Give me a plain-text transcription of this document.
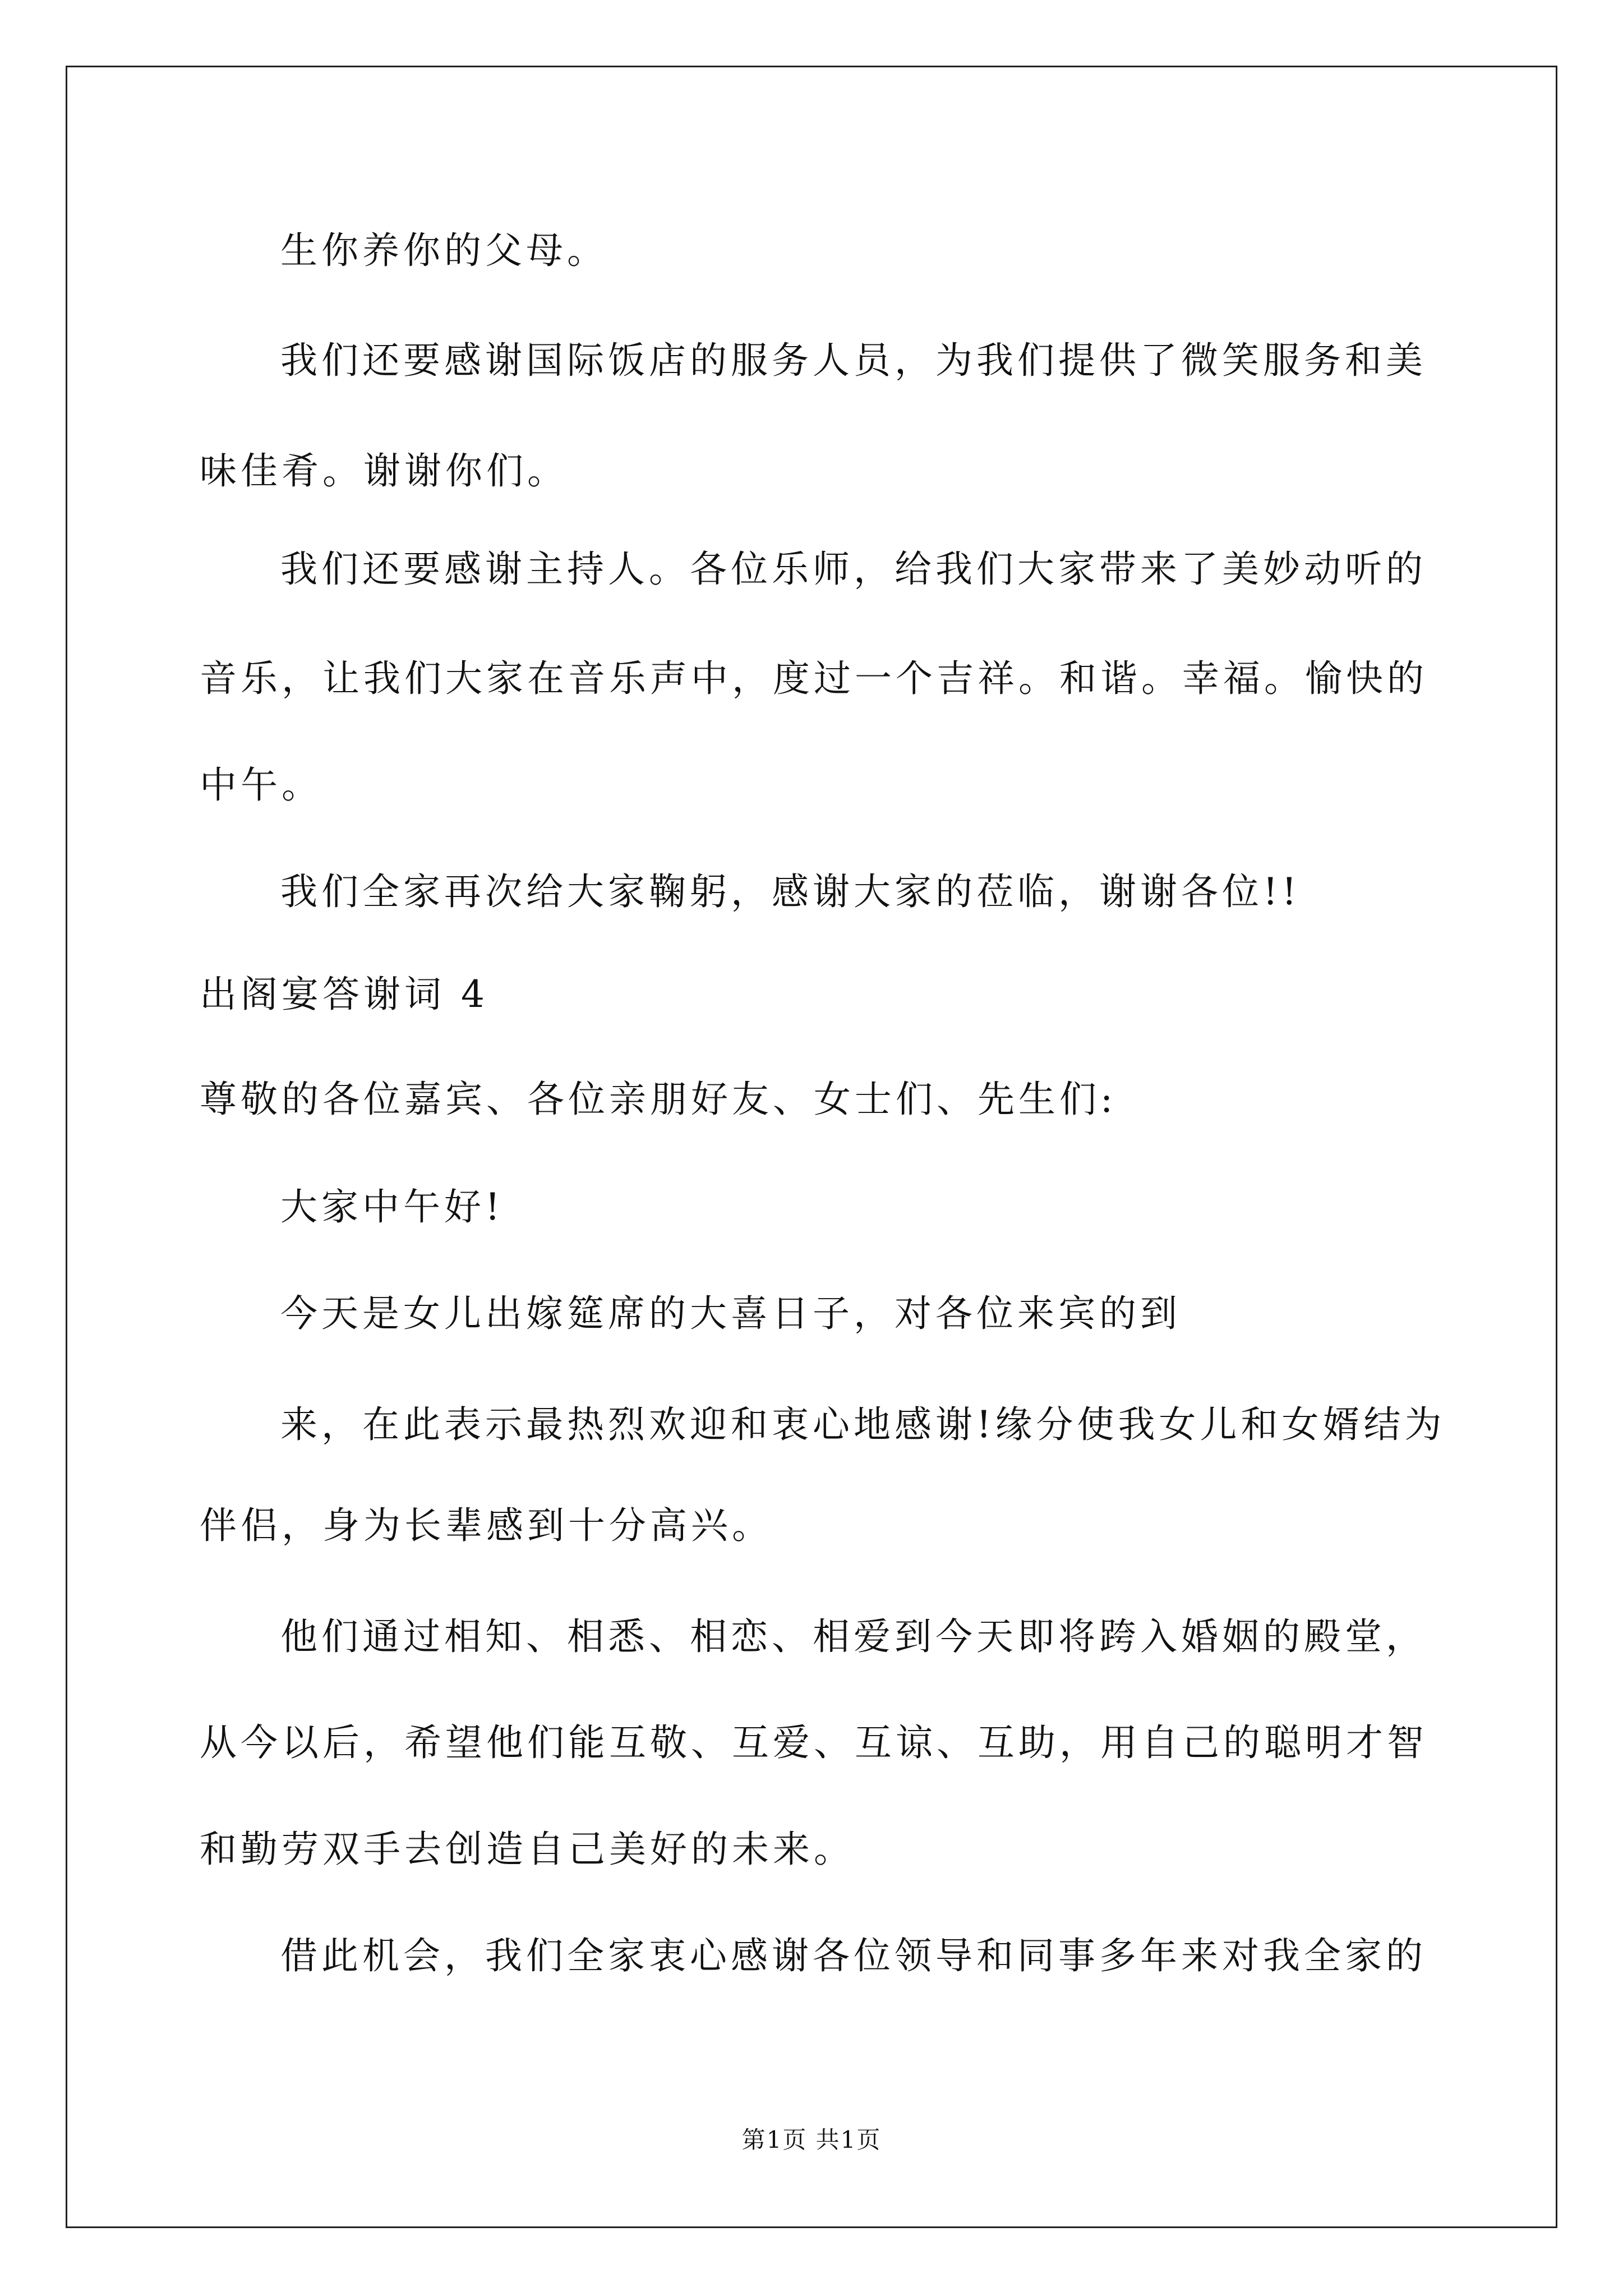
生你养你的父母。
我们还要感谢国际饭店的服务人员，为我们提供了微笑服务和美
味佳肴。谢谢你们。
我们还要感谢主持人。各位乐师，给我们大家带来了美妙动听的
音乐，让我们大家在音乐声中，度过一个吉祥。和谐。幸福。愉快的
中午。
我们全家再次给大家鞠躬，感谢大家的莅临，谢谢各位!!
出阁宴答谢词 4
尊敬的各位嘉宾、各位亲朋好友、女士们、先生们:
大家中午好!
今天是女儿出嫁筵席的大喜日子，对各位来宾的到
来，在此表示最热烈欢迎和衷心地感谢!缘分使我女儿和女婿结为
伴侣，身为长辈感到十分高兴。
他们通过相知、相悉、相恋、相爱到今天即将跨入婚姻的殿堂，
从今以后，希望他们能互敬、互爱、互谅、互助，用自己的聪明才智
和勤劳双手去创造自己美好的未来。
借此机会，我们全家衷心感谢各位领导和同事多年来对我全家的
第1页 共1页
